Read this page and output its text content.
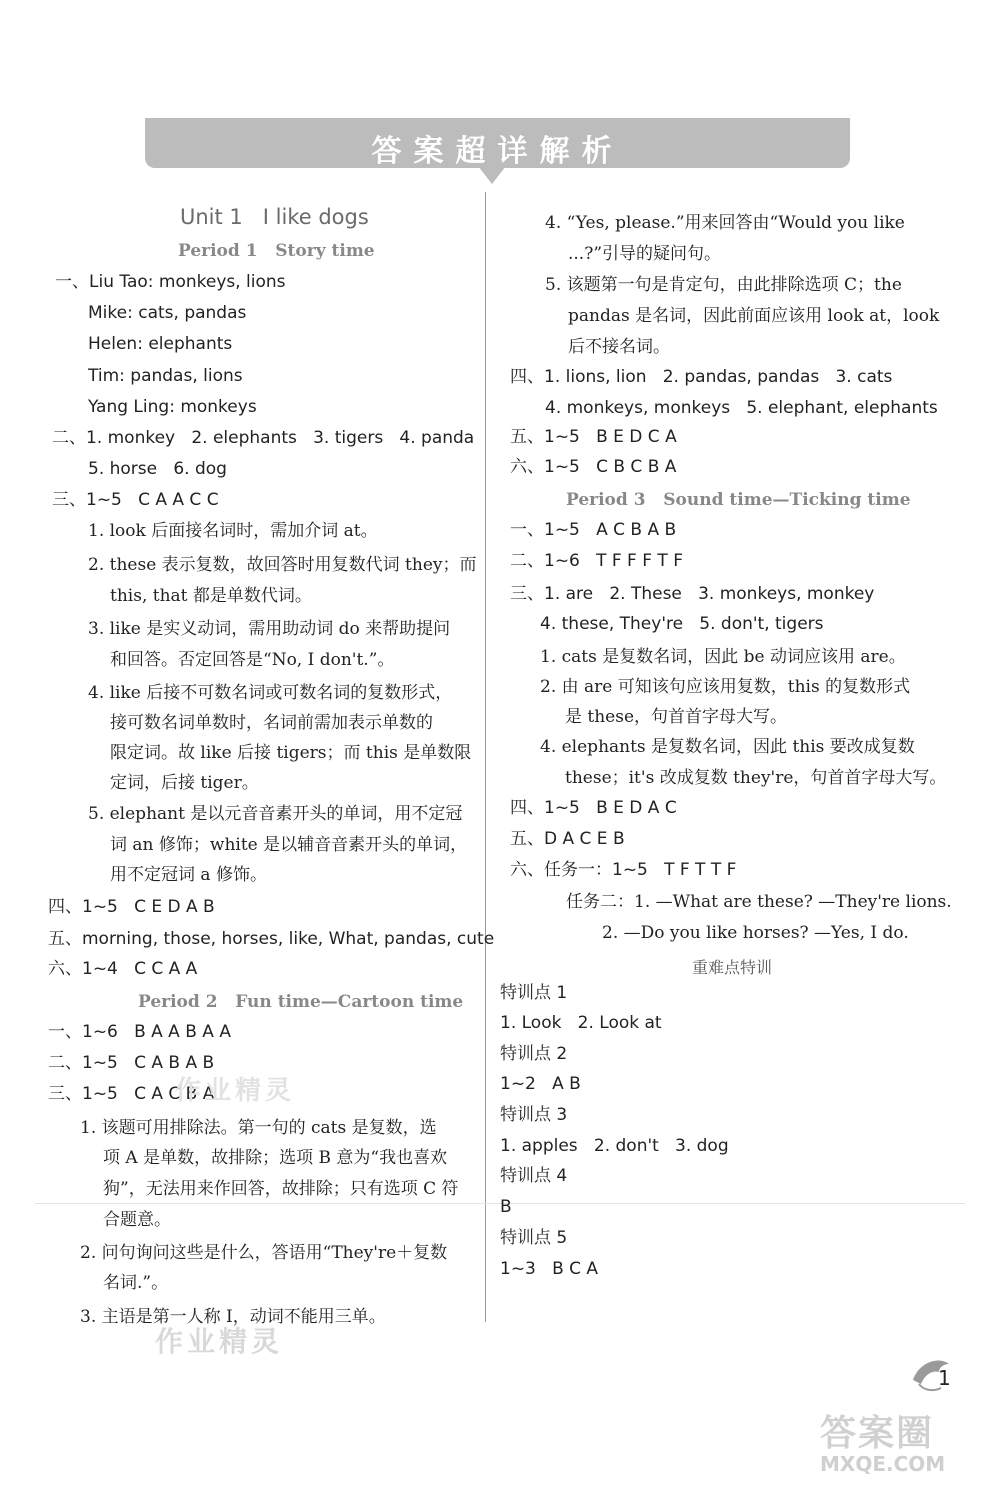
答案超详解析
Unit 1   I like dogs
Period 1   Story time
一、Liu Tao: monkeys, lions
Mike: cats, pandas
Helen: elephants
Tim: pandas, lions
Yang Ling: monkeys
二、1. monkey   2. elephants   3. tigers   4. panda
5. horse   6. dog
三、1~5   C A A C C
1. look 后面接名词时，需加介词 at。
2. these 表示复数，故回答时用复数代词 they；而
this, that 都是单数代词。
3. like 是实义动词，需用助动词 do 来帮助提问
和回答。否定回答是“No, I don't.”。
4. like 后接不可数名词或可数名词的复数形式，
接可数名词单数时，名词前需加表示单数的
限定词。故 like 后接 tigers；而 this 是单数限
定词，后接 tiger。
5. elephant 是以元音音素开头的单词，用不定冠
词 an 修饰；white 是以辅音音素开头的单词，
用不定冠词 a 修饰。
四、1~5   C E D A B
五、morning, those, horses, like, What, pandas, cute
六、1~4   C C A A
Period 2   Fun time—Cartoon time
一、1~6   B A A B A A
二、1~5   C A B A B
三、1~5   C A C B A
1. 该题可用排除法。第一句的 cats 是复数，选
项 A 是单数，故排除；选项 B 意为“我也喜欢
狗”，无法用来作回答，故排除；只有选项 C 符
合题意。
2. 问句询问这些是什么，答语用“They're＋复数
名词.”。
3. 主语是第一人称 I，动词不能用三单。
4. “Yes, please.”用来回答由“Would you like
...?”引导的疑问句。
5. 该题第一句是肯定句，由此排除选项 C；the
pandas 是名词，因此前面应该用 look at，look
后不接名词。
四、1. lions, lion   2. pandas, pandas   3. cats
4. monkeys, monkeys   5. elephant, elephants
五、1~5   B E D C A
六、1~5   C B C B A
Period 3   Sound time—Ticking time
一、1~5   A C B A B
二、1~6   T F F F T F
三、1. are   2. These   3. monkeys, monkey
4. these, They're   5. don't, tigers
1. cats 是复数名词，因此 be 动词应该用 are。
2. 由 are 可知该句应该用复数，this 的复数形式
是 these，句首首字母大写。
4. elephants 是复数名词，因此 this 要改成复数
these；it's 改成复数 they're，句首首字母大写。
四、1~5   B E D A C
五、D A C E B
六、任务一：1~5   T F T T F
任务二：1. —What are these? —They're lions.
2. —Do you like horses? —Yes, I do.
重难点特训
特训点 1
1. Look   2. Look at
特训点 2
1~2   A B
特训点 3
1. apples   2. don't   3. dog
特训点 4
B
特训点 5
1~3   B C A
1
作业精灵
作业精灵
答案圈
MXQE.COM
